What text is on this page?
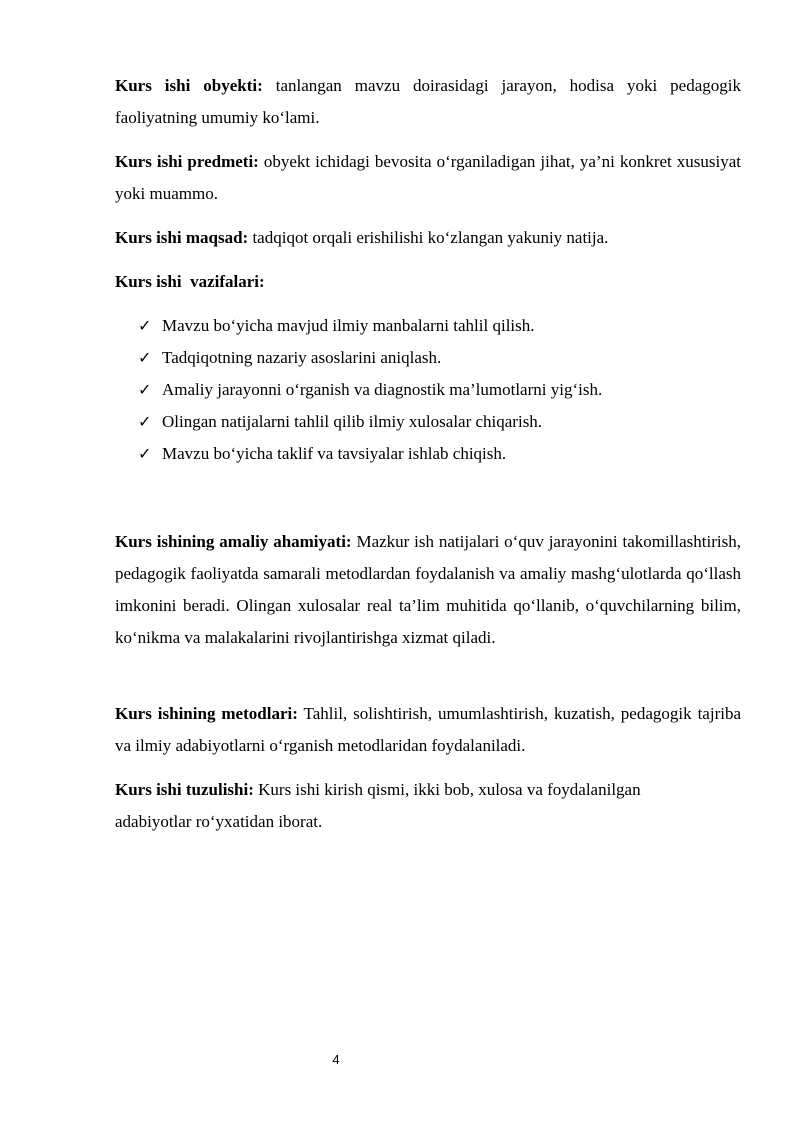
Kurs ishi obyekti: tanlangan mavzu doirasidagi jarayon, hodisa yoki pedagogik faoliyatning umumiy ko‘lami.

Kurs ishi predmeti: obyekt ichidagi bevosita o‘rganiladigan jihat, ya’ni konkret xususiyat yoki muammo.

Kurs ishi maqsad: tadqiqot orqali erishilishi ko‘zlangan yakuniy natija.

Kurs ishi  vazifalari:

✓ Mavzu bo‘yicha mavjud ilmiy manbalarni tahlil qilish.
✓ Tadqiqotning nazariy asoslarini aniqlash.
✓ Amaliy jarayonni o‘rganish va diagnostik ma’lumotlarni yig‘ish.
✓ Olingan natijalarni tahlil qilib ilmiy xulosalar chiqarish.
✓ Mavzu bo‘yicha taklif va tavsiyalar ishlab chiqish.

Kurs ishining amaliy ahamiyati: Mazkur ish natijalari o‘quv jarayonini takomillashtirish, pedagogik faoliyatda samarali metodlardan foydalanish va amaliy mashg‘ulotlarda qo‘llash imkonini beradi. Olingan xulosalar real ta’lim muhitida qo‘llanib, o‘quvchilarning bilim, ko‘nikma va malakalarini rivojlantirishga xizmat qiladi.

Kurs ishining metodlari: Tahlil, solishtirish, umumlashtirish, kuzatish, pedagogik tajriba va ilmiy adabiyotlarni o‘rganish metodlaridan foydalaniladi.

Kurs ishi tuzulishi: Kurs ishi kirish qismi, ikki bob, xulosa va foydalanilgan adabiyotlar ro‘yxatidan iborat.

4
